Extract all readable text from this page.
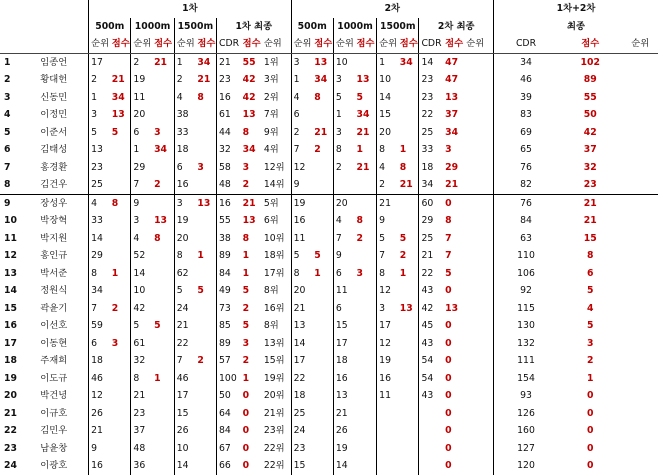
		1차									2차									1차+2차		
		500m		1000m		1500m		1차 최종			500m		1000m		1500m		2차 최종			최종		
		순위	점수	순위	점수	순위	점수	CDR	점수	순위	순위	점수	순위	점수	순위	점수	CDR	점수	순위	CDR	점수	순위
1	임종언	17		2	21	1	34	21	55	1위	3	13	10		1	34	14	47		34	102	
2	황대헌	2	21	19		2	21	23	42	3위	1	34	3	13	10		23	47		46	89	
3	신동민	1	34	11		4	8	16	42	2위	4	8	5	5	14		23	13		39	55	
4	이정민	3	13	20		38		61	13	7위	6		1	34	15		22	37		83	50	
5	이준서	5	5	6	3	33		44	8	9위	2	21	3	21	20		25	34		69	42	
6	김태성	13		1	34	18		32	34	4위	7	2	8	1	8	1	33	3		65	37	
7	홍경환	23		29		6	3	58	3	12위	12		2	21	4	8	18	29		76	32	
8	김건우	25		7	2	16		48	2	14위	9				2	21	34	21		82	23	
9	장성우	4	8	9		3	13	16	21	5위	19		20		21		60	0		76	21	
10	박장혁	33		3	13	19		55	13	6위	16		4	8	9		29	8		84	21	
11	박지원	14		4	8	20		38	8	10위	11		7	2	5	5	25	7		63	15	
12	홍인규	29		52		8	1	89	1	18위	5	5	9		7	2	21	7		110	8	
13	박서준	8	1	14		62		84	1	17위	8	1	6	3	8	1	22	5		106	6	
14	정원식	34		10		5	5	49	5	8위	20		11		12		43	0		92	5	
15	곽윤기	7	2	42		24		73	2	16위	21		6		3	13	42	13		115	4	
16	이선호	59		5	5	21		85	5	8위	13		15		17		45	0		130	5	
17	이동현	6	3	61		22		89	3	13위	14		17		12		43	0		132	3	
18	주재희	18		32		7	2	57	2	15위	17		18		19		54	0		111	2	
19	이도규	46		8	1	46		100	1	19위	22		16		16		54	0		154	1	
20	박건녕	12		21		17		50	0	20위	18		13		11		43	0		93	0	
21	이규호	26		23		15		64	0	21위	25		21					0		126	0	
22	김민우	21		37		26		84	0	23위	24		26					0		160	0	
23	남윤창	9		48		10		67	0	22위	23		19					0		127	0	
24	이광호	16		36		14		66	0	22위	15		14					0		120	0	
